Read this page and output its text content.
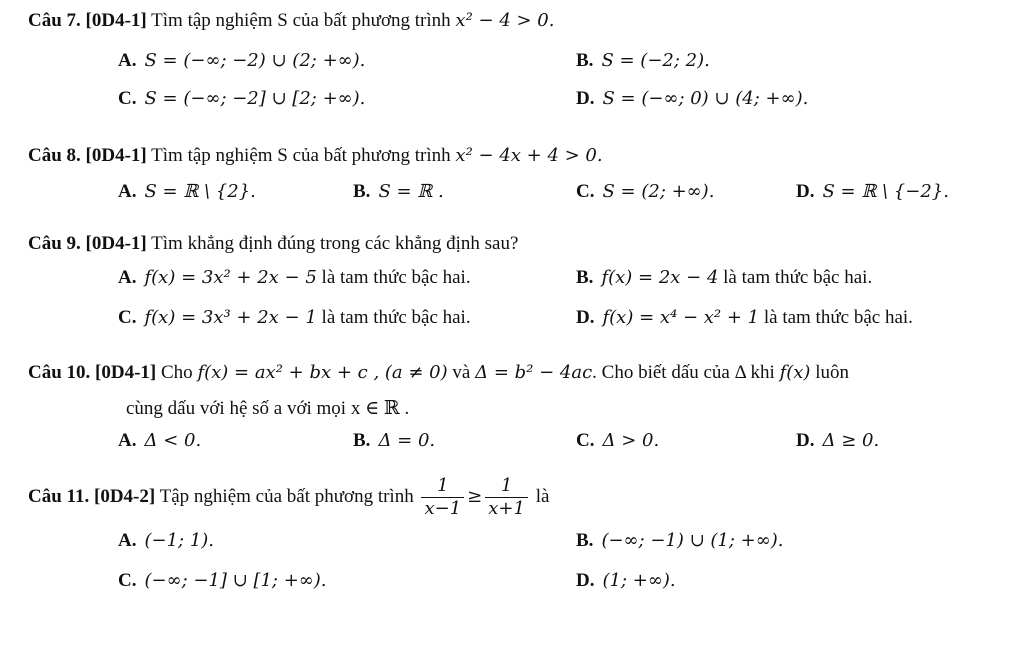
Câu 7. [0D4-1] Tìm tập nghiệm S của bất phương trình x² − 4 > 0.
A. S = (−∞; −2) ∪ (2; +∞).	B. S = (−2; 2).
C. S = (−∞; −2] ∪ [2; +∞).	D. S = (−∞; 0) ∪ (4; +∞).
Câu 8. [0D4-1] Tìm tập nghiệm S của bất phương trình x² − 4x + 4 > 0.
A. S = ℝ \ {2}.	B. S = ℝ .	C. S = (2; +∞).	D. S = ℝ \ {−2}.
Câu 9. [0D4-1] Tìm khẳng định đúng trong các khẳng định sau?
A. f(x) = 3x² + 2x − 5 là tam thức bậc hai.	B. f(x) = 2x − 4 là tam thức bậc hai.
C. f(x) = 3x³ + 2x − 1 là tam thức bậc hai.	D. f(x) = x⁴ − x² + 1 là tam thức bậc hai.
Câu 10. [0D4-1] Cho f(x) = ax² + bx + c , (a ≠ 0) và Δ = b² − 4ac. Cho biết dấu của Δ khi f(x) luôn
cùng dấu với hệ số a với mọi x ∈ ℝ .
A. Δ < 0.	B. Δ = 0.	C. Δ > 0.	D. Δ ≥ 0.
Câu 11. [0D4-2] Tập nghiệm của bất phương trình $\frac{1}{x-1} \ge \frac{1}{x+1}$ là
A. (−1; 1).	B. (−∞; −1) ∪ (1; +∞).
C. (−∞; −1] ∪ [1; +∞).	D. (1; +∞).
